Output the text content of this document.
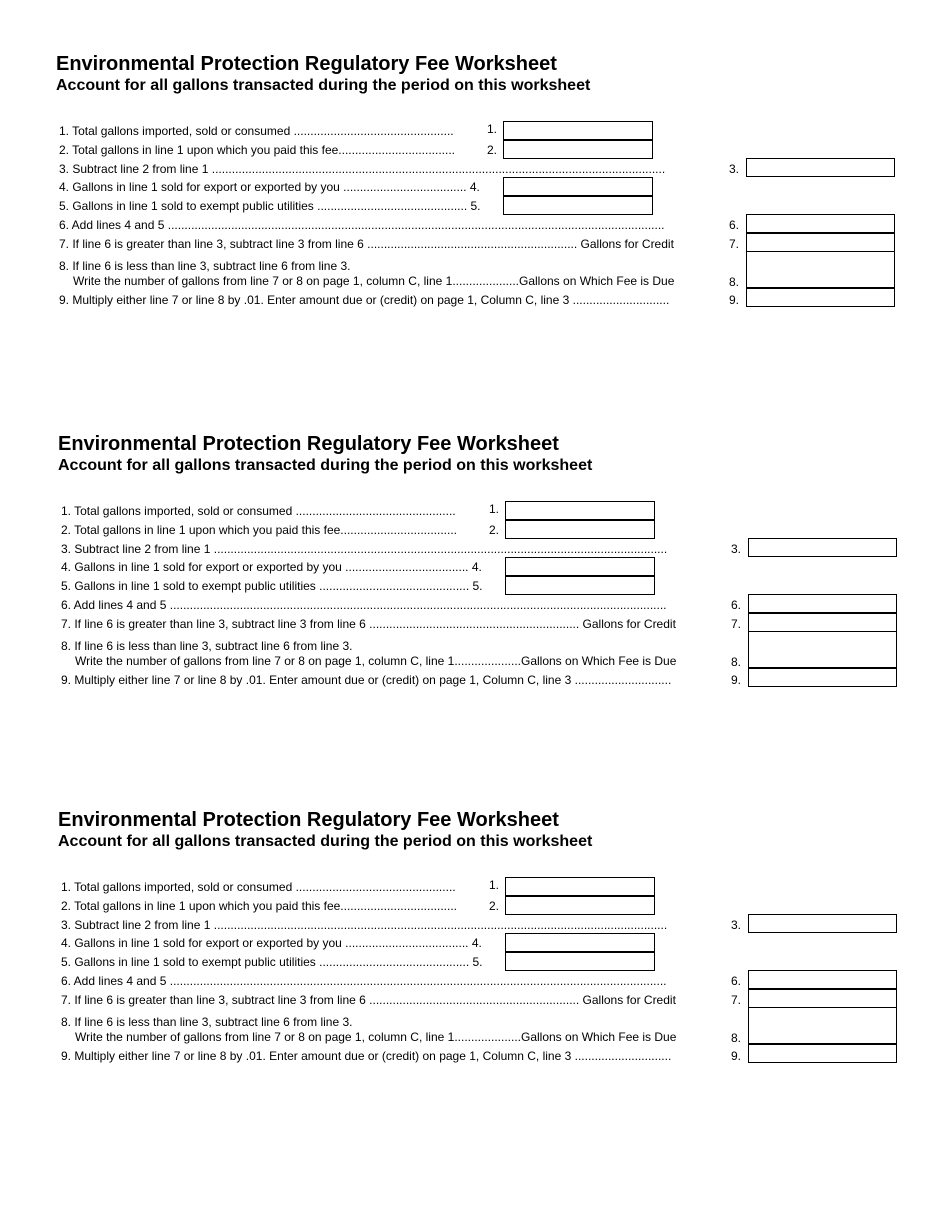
Environmental Protection Regulatory Fee Worksheet
Account for all gallons transacted during the period on this worksheet
1. Total gallons imported, sold or consumed ................................................	1.
2. Total gallons in line 1 upon which you paid this fee...................................	2.
3. Subtract line 2 from line 1 ........................................................................................................................................	3.
4. Gallons in line 1 sold for export or exported by you ..................................... 4.
5. Gallons in line 1 sold to exempt public utilities ............................................. 5.
6. Add lines 4 and 5 .....................................................................................................................................................	6.
7. If line 6 is greater than line 3, subtract line 3 from line 6 ............................................................... Gallons for Credit	7.
8. If line 6 is less than line 3, subtract line 6 from line 3.
Write the number of gallons from line 7 or 8 on page 1, column C, line 1....................Gallons on Which Fee is Due	8.
9. Multiply either line 7 or line 8 by .01. Enter amount due or (credit) on page 1, Column C, line 3 .............................	9.
Environmental Protection Regulatory Fee Worksheet
Account for all gallons transacted during the period on this worksheet
1. Total gallons imported, sold or consumed ................................................	1.
2. Total gallons in line 1 upon which you paid this fee...................................	2.
3. Subtract line 2 from line 1 ........................................................................................................................................	3.
4. Gallons in line 1 sold for export or exported by you ..................................... 4.
5. Gallons in line 1 sold to exempt public utilities ............................................. 5.
6. Add lines 4 and 5 .....................................................................................................................................................	6.
7. If line 6 is greater than line 3, subtract line 3 from line 6 ............................................................... Gallons for Credit	7.
8. If line 6 is less than line 3, subtract line 6 from line 3.
Write the number of gallons from line 7 or 8 on page 1, column C, line 1....................Gallons on Which Fee is Due	8.
9. Multiply either line 7 or line 8 by .01. Enter amount due or (credit) on page 1, Column C, line 3 .............................	9.
Environmental Protection Regulatory Fee Worksheet
Account for all gallons transacted during the period on this worksheet
1. Total gallons imported, sold or consumed ................................................	1.
2. Total gallons in line 1 upon which you paid this fee...................................	2.
3. Subtract line 2 from line 1 ........................................................................................................................................	3.
4. Gallons in line 1 sold for export or exported by you ..................................... 4.
5. Gallons in line 1 sold to exempt public utilities ............................................. 5.
6. Add lines 4 and 5 .....................................................................................................................................................	6.
7. If line 6 is greater than line 3, subtract line 3 from line 6 ............................................................... Gallons for Credit	7.
8. If line 6 is less than line 3, subtract line 6 from line 3.
Write the number of gallons from line 7 or 8 on page 1, column C, line 1....................Gallons on Which Fee is Due	8.
9. Multiply either line 7 or line 8 by .01. Enter amount due or (credit) on page 1, Column C, line 3 .............................	9.
